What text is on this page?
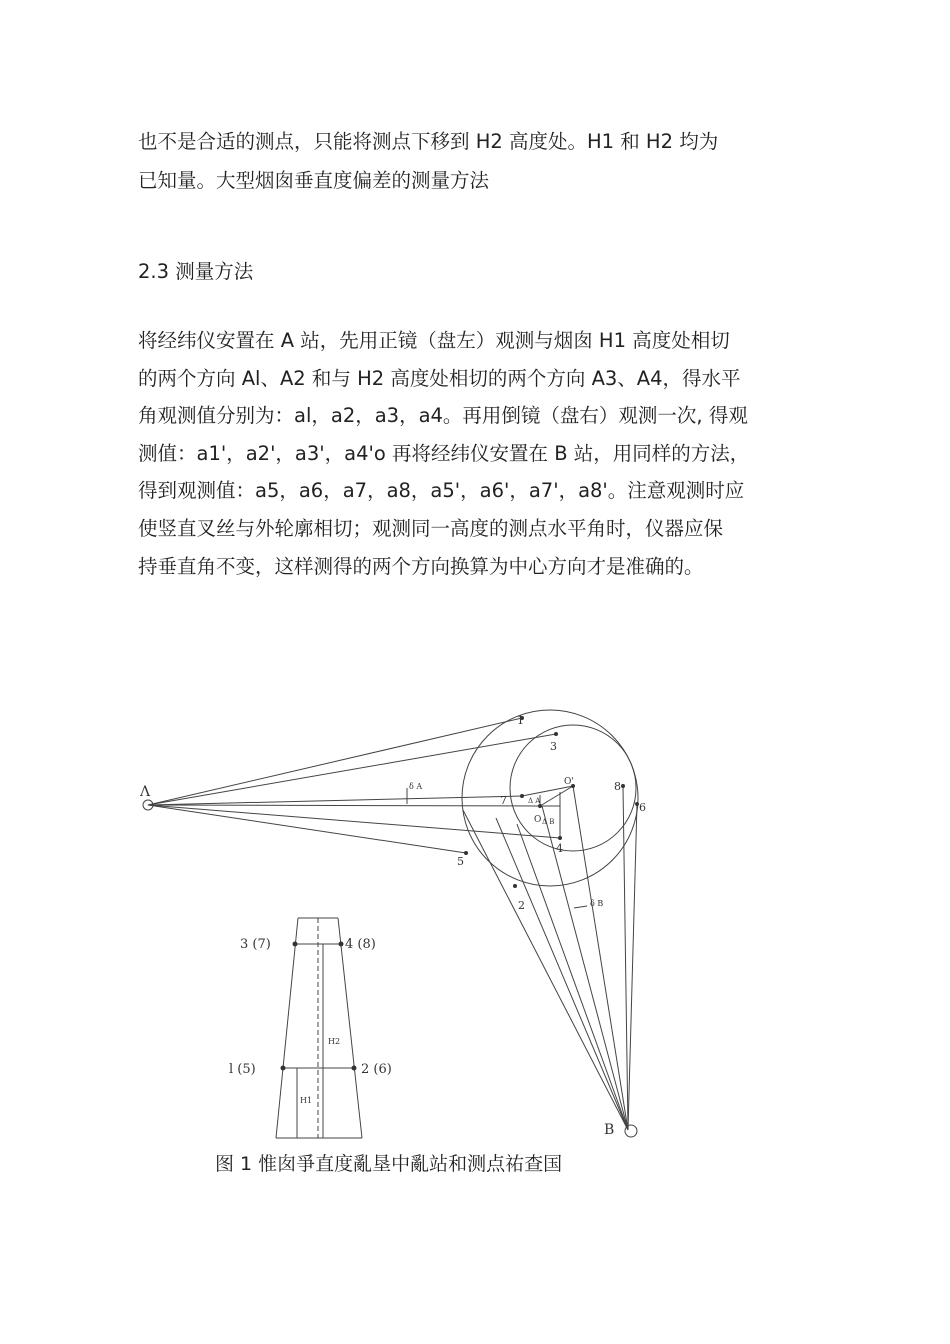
也不是合适的测点，只能将测点下移到 H2 高度处。H1 和 H2 均为
已知量。大型烟囱垂直度偏差的测量方法
2.3 测量方法
将经纬仪安置在 A 站，先用正镜（盘左）观测与烟囱 H1 高度处相切
的两个方向 Al、A2 和与 H2 高度处相切的两个方向 A3、A4，得水平
角观测值分别为：al，a2，a3，a4。再用倒镜（盘右）观测一次, 得观
测值：a1'，a2'，a3'，a4'o 再将经纬仪安置在 B 站，用同样的方法，
得到观测值：a5，a6，a7，a8，a5'，a6'，a7'，a8'。注意观测时应
使竖直叉丝与外轮廓相切；观测同一高度的测点水平角时，仪器应保
持垂直角不变，这样测得的两个方向换算为中心方向才是准确的。
Λ
B
1
3
7
4
5
2
8
6
O
O'
Δ A
Δ B
δ A
δ B
3 (7)	4 (8)
l (5)	2 (6)
H2
H1
图 1 惟囱爭直度亂垦中亂站和测点祐查国
